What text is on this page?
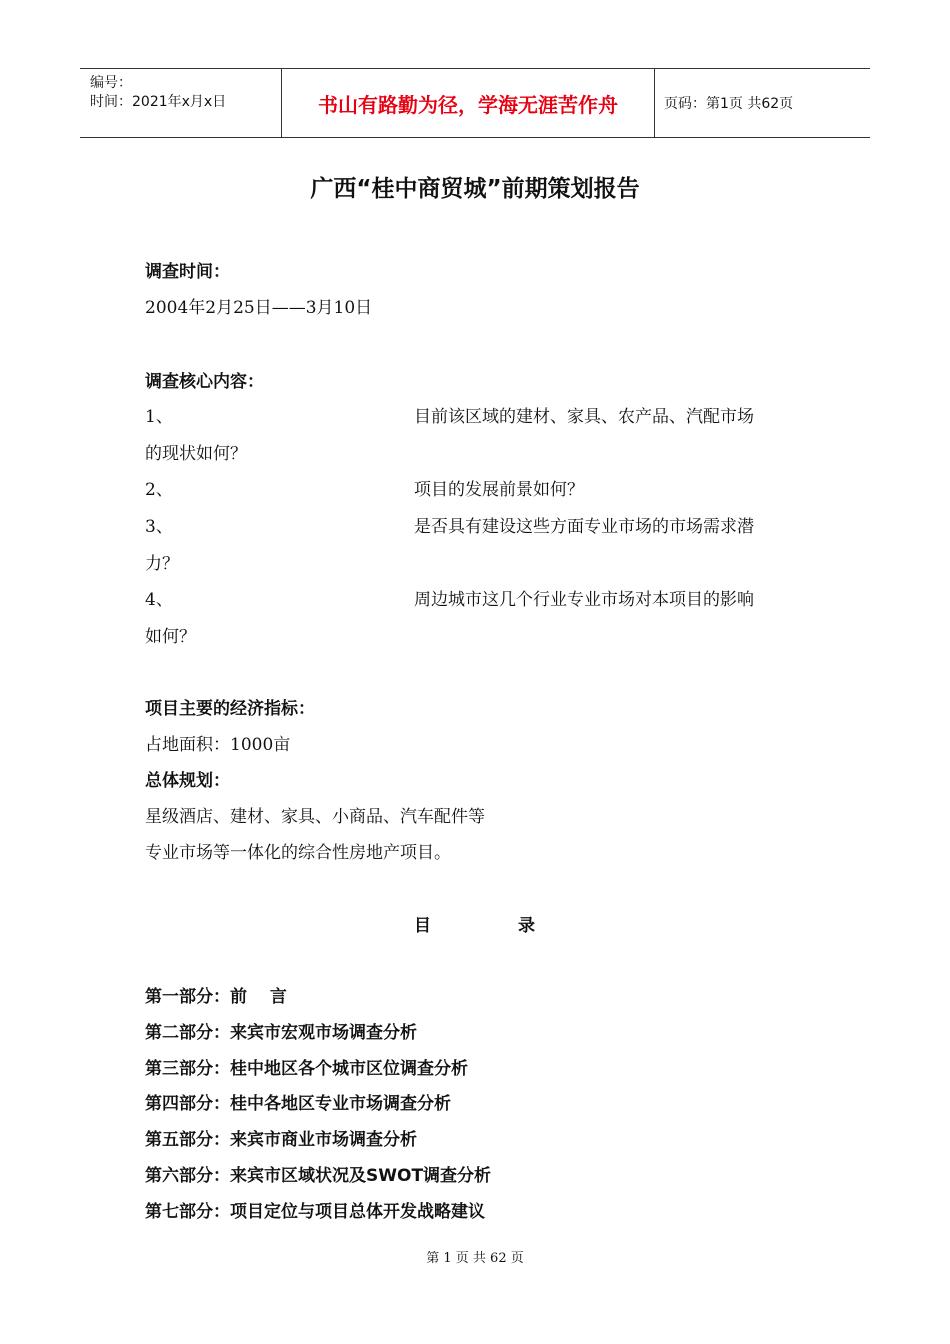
编号：
时间：2021年x月x日	书山有路勤为径，学海无涯苦作舟	页码：第1页 共62页
广西“桂中商贸城”前期策划报告
调查时间：
2004年2月25日——3月10日
调查核心内容：
1、	目前该区域的建材、家具、农产品、汽配市场
的现状如何？
2、	项目的发展前景如何？
3、	是否具有建设这些方面专业市场的市场需求潜
力？
4、	周边城市这几个行业专业市场对本项目的影响
如何？
项目主要的经济指标：
占地面积：1000亩
总体规划：
星级酒店、建材、家具、小商品、汽车配件等
专业市场等一体化的综合性房地产项目。
目	录
第一部分：前　 言
第二部分：来宾市宏观市场调查分析
第三部分：桂中地区各个城市区位调查分析
第四部分：桂中各地区专业市场调查分析
第五部分：来宾市商业市场调查分析
第六部分：来宾市区域状况及SWOT调查分析
第七部分：项目定位与项目总体开发战略建议
第 1 页 共 62 页
